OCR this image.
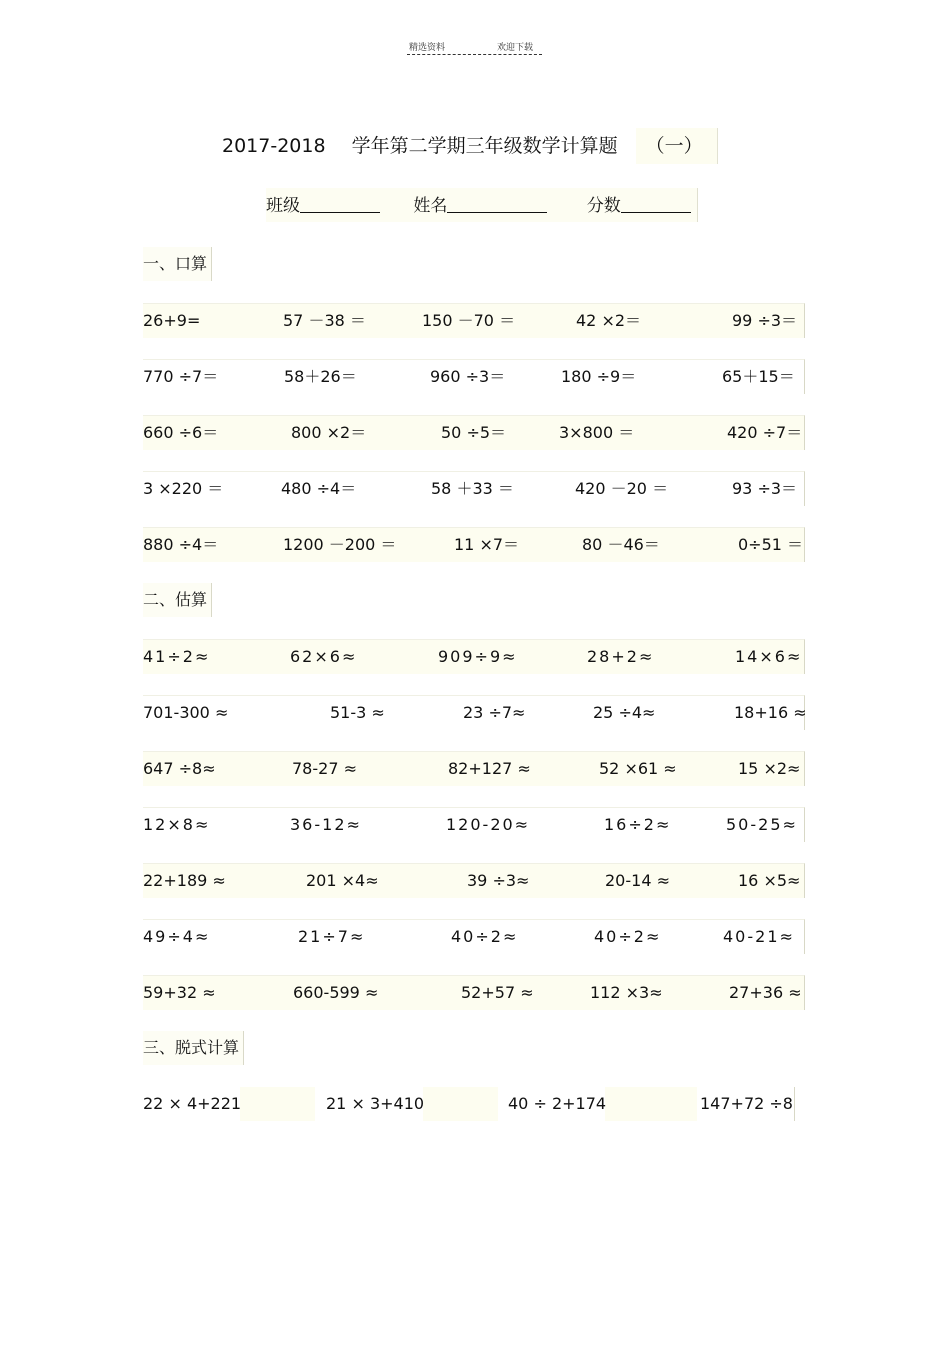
精选资料	欢迎下载
2017-2018 学年第二学期三年级数学计算题 （一）
班级	姓名	分数
一、口算
26+9=	57 －38 ＝	150 －70 ＝	42 ×2＝	99 ÷3＝
770 ÷7＝	58＋26＝	960 ÷3＝	180 ÷9＝	65＋15＝
660 ÷6＝	800 ×2＝	50 ÷5＝	3×800 ＝	420 ÷7＝
3 ×220 ＝	480 ÷4＝	58 ＋33 ＝	420 －20 ＝	93 ÷3＝
880 ÷4＝	1200 －200 ＝	11 ×7＝	80 －46＝	0÷51 ＝
二、估算
41÷2≈	62×6≈	909÷9≈	28+2≈	14×6≈
701-300 ≈	51-3 ≈	23 ÷7≈	25 ÷4≈	18+16 ≈
647 ÷8≈	78-27 ≈	82+127 ≈	52 ×61 ≈	15 ×2≈
12×8≈	36-12≈	120-20≈	16÷2≈	50-25≈
22+189 ≈	201 ×4≈	39 ÷3≈	20-14 ≈	16 ×5≈
49÷4≈	21÷7≈	40÷2≈	40÷2≈	40-21≈
59+32 ≈	660-599 ≈	52+57 ≈	112 ×3≈	27+36 ≈
三、脱式计算
22 × 4+221	21 × 3+410	40 ÷ 2+174	147+72 ÷8
